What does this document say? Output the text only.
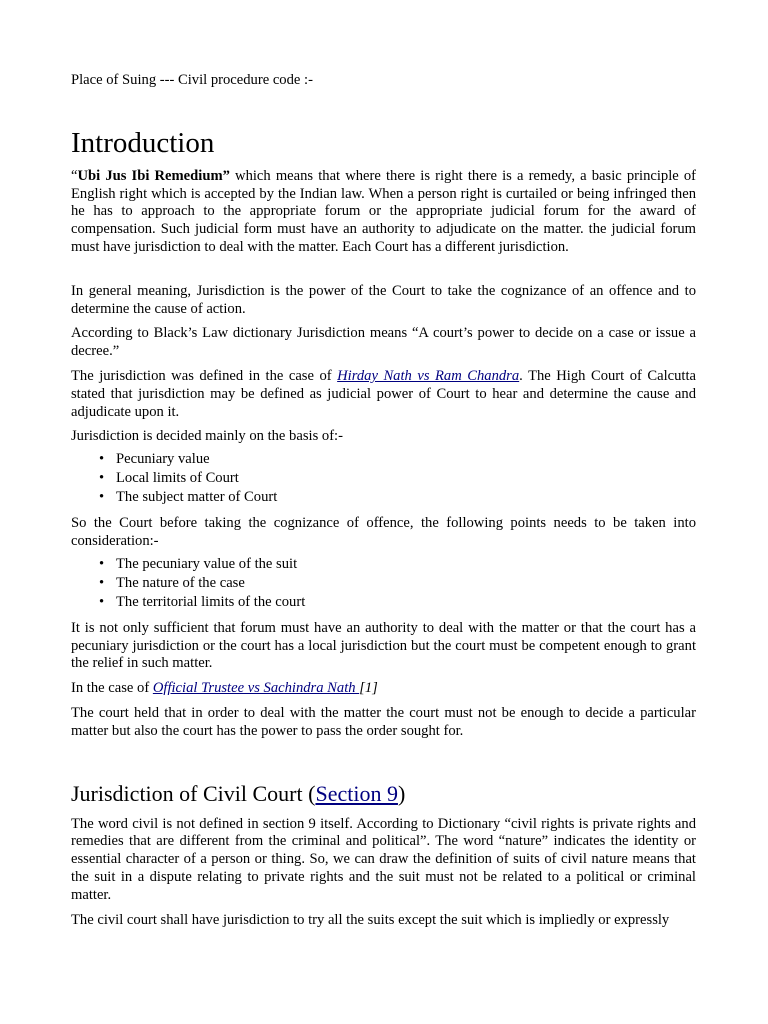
Place of Suing --- Civil procedure code :-

Introduction

“Ubi Jus Ibi Remedium” which means that where there is right there is a remedy, a basic principle of English right which is accepted by the Indian law. When a person right is curtailed or being infringed then he has to approach to the appropriate forum or the appropriate judicial forum for the award of compensation. Such judicial form must have an authority to adjudicate on the matter. the judicial forum must have jurisdiction to deal with the matter. Each Court has a different jurisdiction.

In general meaning, Jurisdiction is the power of the Court to take the cognizance of an offence and to determine the cause of action.

According to Black’s Law dictionary Jurisdiction means “A court’s power to decide on a case or issue a decree.”

The jurisdiction was defined in the case of Hirday Nath vs Ram Chandra. The High Court of Calcutta stated that jurisdiction may be defined as judicial power of Court to hear and determine the cause and adjudicate upon it.

Jurisdiction is decided mainly on the basis of:-

• Pecuniary value
• Local limits of Court
• The subject matter of Court

So the Court before taking the cognizance of offence, the following points needs to be taken into consideration:-

• The pecuniary value of the suit
• The nature of the case
• The territorial limits of the court

It is not only sufficient that forum must have an authority to deal with the matter or that the court has a pecuniary jurisdiction or the court has a local jurisdiction but the court must be competent enough to grant the relief in such matter.

In the case of Official Trustee vs Sachindra Nath [1]

The court held that in order to deal with the matter the court must not be enough to decide a particular matter but also the court has the power to pass the order sought for.

Jurisdiction of Civil Court (Section 9)

The word civil is not defined in section 9 itself. According to Dictionary “civil rights is private rights and remedies that are different from the criminal and political”. The word “nature” indicates the identity or essential character of a person or thing. So, we can draw the definition of suits of civil nature means that the suit in a dispute relating to private rights and the suit must not be related to a political or criminal matter.

The civil court shall have jurisdiction to try all the suits except the suit which is impliedly or expressly
